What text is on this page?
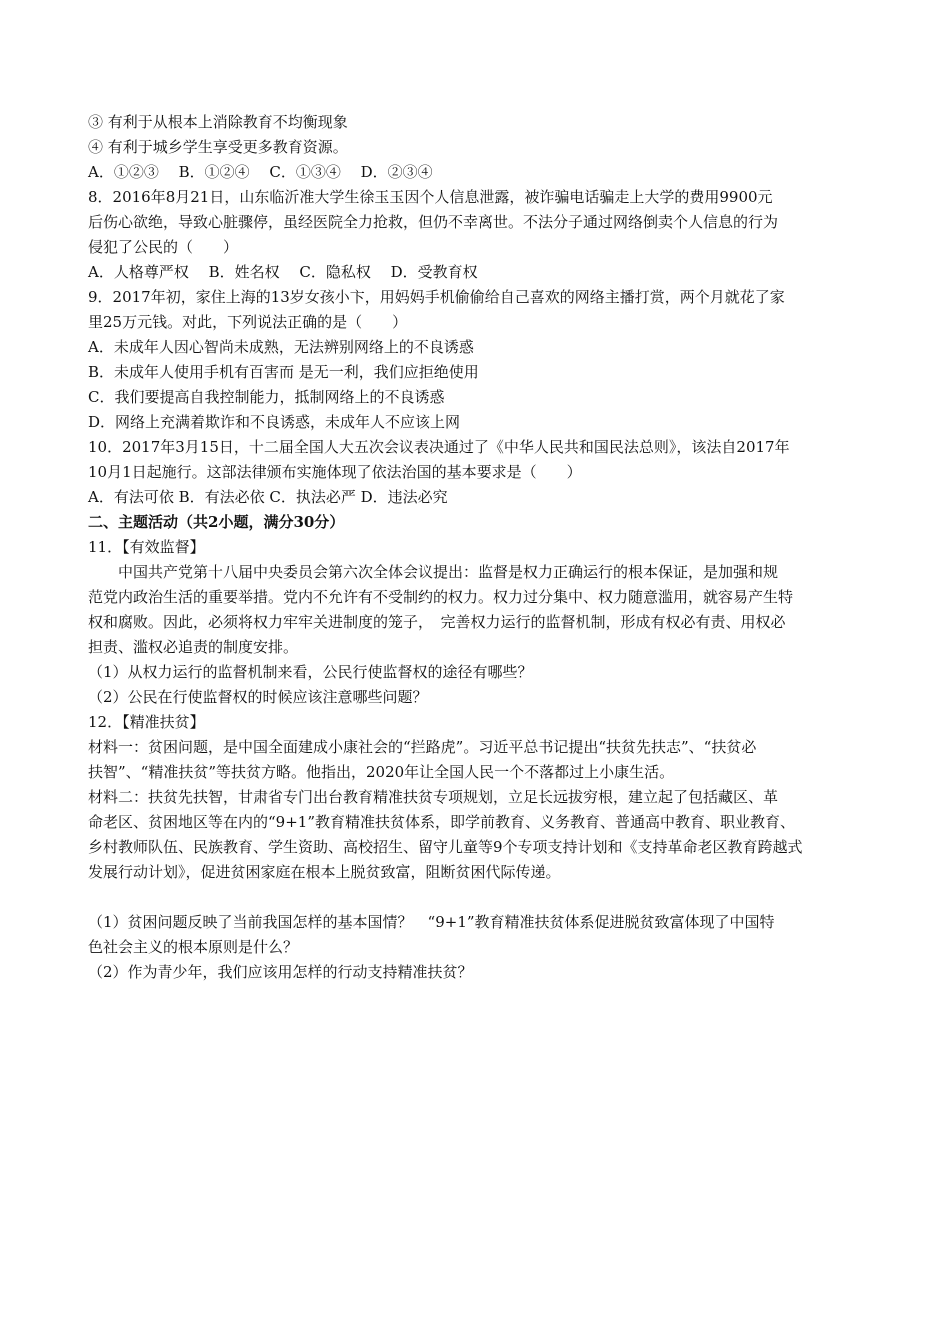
③ 有利于从根本上消除教育不均衡现象
④ 有利于城乡学生享受更多教育资源。
A．①②③　 B．①②④　 C．①③④　 D．②③④
8．2016年8月21日，山东临沂准大学生徐玉玉因个人信息泄露，被诈骗电话骗走上大学的费用9900元
后伤心欲绝，导致心脏骤停，虽经医院全力抢救，但仍不幸离世。不法分子通过网络倒卖个人信息的行为
侵犯了公民的（　　）
A．人格尊严权　 B．姓名权　 C．隐私权　 D．受教育权
9．2017年初，家住上海的13岁女孩小卞，用妈妈手机偷偷给自己喜欢的网络主播打赏，两个月就花了家
里25万元钱。对此，下列说法正确的是（　　）
A．未成年人因心智尚未成熟，无法辨别网络上的不良诱惑
B．未成年人使用手机有百害而 是无一利，我们应拒绝使用
C．我们要提高自我控制能力，抵制网络上的不良诱惑
D．网络上充满着欺诈和不良诱惑，未成年人不应该上网
10．2017年3月15日，十二届全国人大五次会议表决通过了《中华人民共和国民法总则》，该法自2017年
10月1日起施行。这部法律颁布实施体现了依法治国的基本要求是（　　）
A．有法可依 B．有法必依 C．执法必严 D．违法必究
二、主题活动（共2小题，满分30分）
11．【有效监督】
中国共产党第十八届中央委员会第六次全体会议提出：监督是权力正确运行的根本保证，是加强和规
范党内政治生活的重要举措。党内不允许有不受制约的权力。权力过分集中、权力随意滥用，就容易产生特
权和腐败。因此，必须将权力牢牢关进制度的笼子，　完善权力运行的监督机制，形成有权必有责、用权必
担责、滥权必追责的制度安排。
（1）从权力运行的监督机制来看，公民行使监督权的途径有哪些？
（2）公民在行使监督权的时候应该注意哪些问题？
12．【精准扶贫】
材料一：贫困问题，是中国全面建成小康社会的“拦路虎”。习近平总书记提出“扶贫先扶志”、“扶贫必
扶智”、“精准扶贫”等扶贫方略。他指出，2020年让全国人民一个不落都过上小康生活。
材料二：扶贫先扶智，甘肃省专门出台教育精准扶贫专项规划，立足长远拔穷根，建立起了包括藏区、革
命老区、贫困地区等在内的“9+1”教育精准扶贫体系，即学前教育、义务教育、普通高中教育、职业教育、
乡村教师队伍、民族教育、学生资助、高校招生、留守儿童等9个专项支持计划和《支持革命老区教育跨越式
发展行动计划》，促进贫困家庭在根本上脱贫致富，阻断贫困代际传递。
（1）贫困问题反映了当前我国怎样的基本国情？　“9+1”教育精准扶贫体系促进脱贫致富体现了中国特
色社会主义的根本原则是什么？
（2）作为青少年，我们应该用怎样的行动支持精准扶贫？
